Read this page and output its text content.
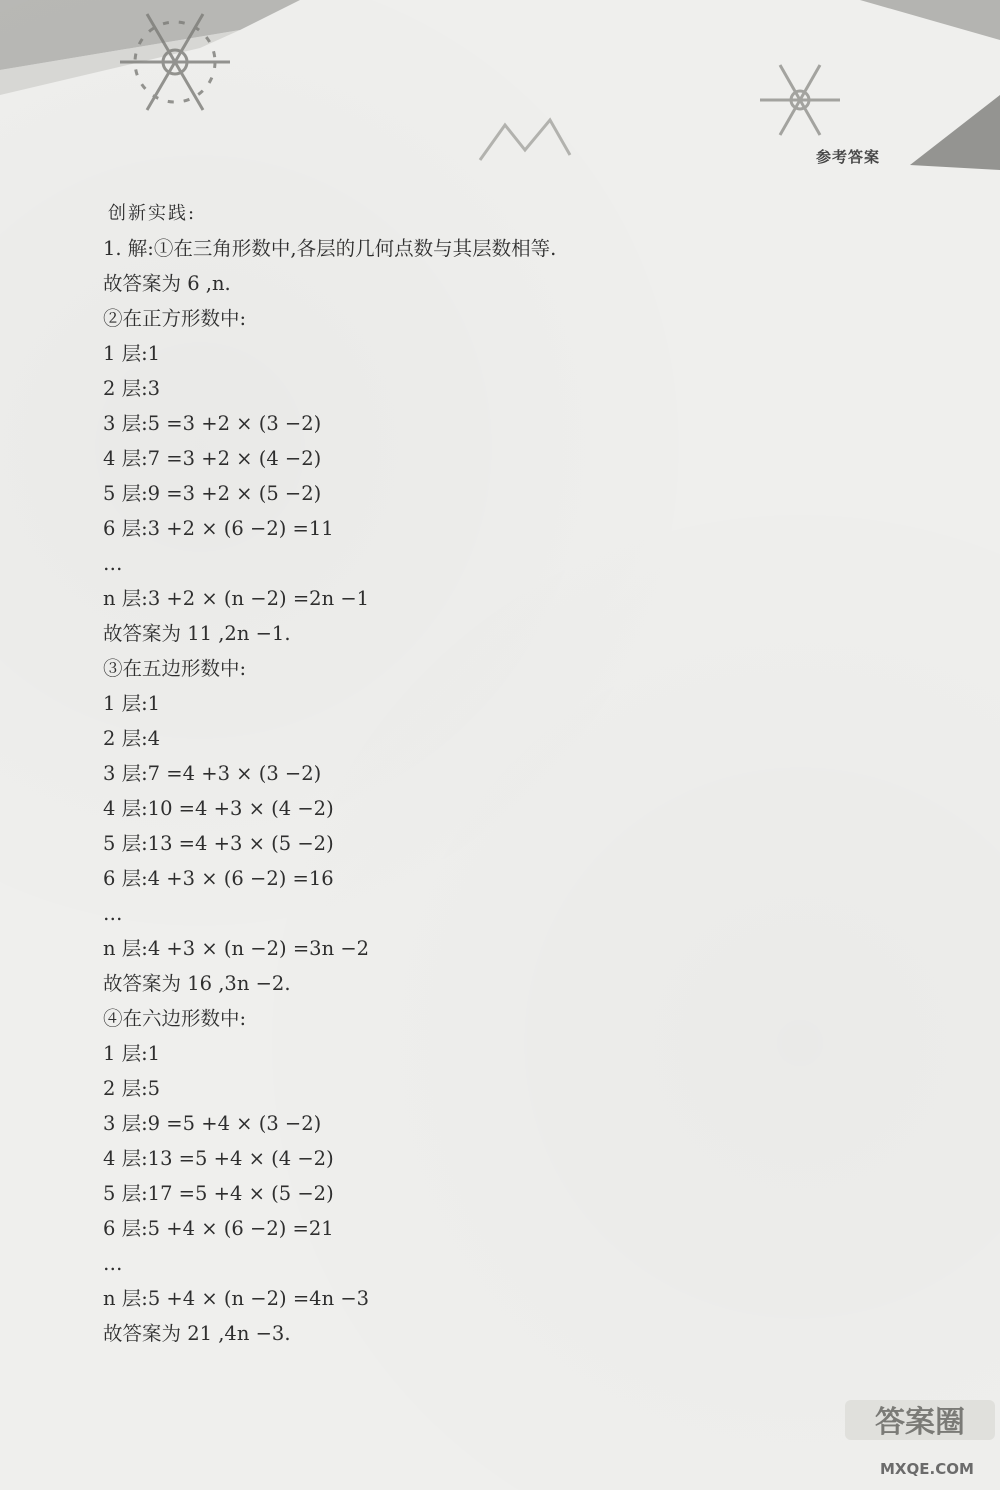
参考答案
创新实践:
1. 解:①在三角形数中,各层的几何点数与其层数相等.
故答案为 6 ,n.
②在正方形数中:
1 层:1
2 层:3
3 层:5 =3 +2 × (3 −2)
4 层:7 =3 +2 × (4 −2)
5 层:9 =3 +2 × (5 −2)
6 层:3 +2 × (6 −2) =11
…
n 层:3 +2 × (n −2) =2n −1
故答案为 11 ,2n −1.
③在五边形数中:
1 层:1
2 层:4
3 层:7 =4 +3 × (3 −2)
4 层:10 =4 +3 × (4 −2)
5 层:13 =4 +3 × (5 −2)
6 层:4 +3 × (6 −2) =16
…
n 层:4 +3 × (n −2) =3n −2
故答案为 16 ,3n −2.
④在六边形数中:
1 层:1
2 层:5
3 层:9 =5 +4 × (3 −2)
4 层:13 =5 +4 × (4 −2)
5 层:17 =5 +4 × (5 −2)
6 层:5 +4 × (6 −2) =21
…
n 层:5 +4 × (n −2) =4n −3
故答案为 21 ,4n −3.
答案圈
MXQE.COM
